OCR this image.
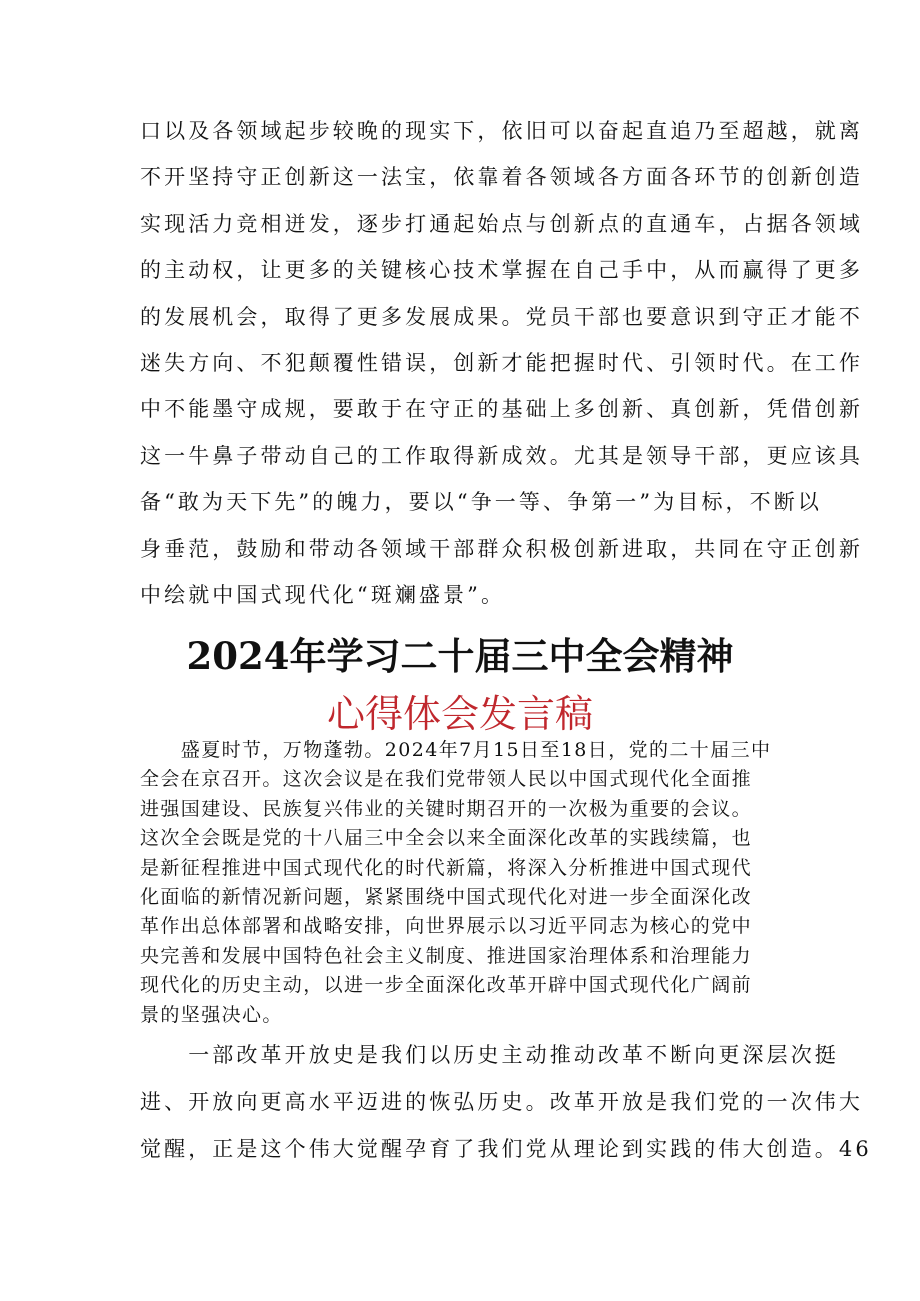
口以及各领域起步较晚的现实下，依旧可以奋起直追乃至超越，就离
不开坚持守正创新这一法宝，依靠着各领域各方面各环节的创新创造
实现活力竞相迸发，逐步打通起始点与创新点的直通车，占据各领域
的主动权，让更多的关键核心技术掌握在自己手中，从而赢得了更多
的发展机会，取得了更多发展成果。党员干部也要意识到守正才能不
迷失方向、不犯颠覆性错误，创新才能把握时代、引领时代。在工作
中不能墨守成规，要敢于在守正的基础上多创新、真创新，凭借创新
这一牛鼻子带动自己的工作取得新成效。尤其是领导干部，更应该具
备“敢为天下先”的魄力，要以“争一等、争第一”为目标，不断以
身垂范，鼓励和带动各领域干部群众积极创新进取，共同在守正创新
中绘就中国式现代化“斑斓盛景”。
2024年学习二十届三中全会精神
心得体会发言稿
　　盛夏时节，万物蓬勃。2024年7月15日至18日，党的二十届三中
全会在京召开。这次会议是在我们党带领人民以中国式现代化全面推
进强国建设、民族复兴伟业的关键时期召开的一次极为重要的会议。
这次全会既是党的十八届三中全会以来全面深化改革的实践续篇，也
是新征程推进中国式现代化的时代新篇，将深入分析推进中国式现代
化面临的新情况新问题，紧紧围绕中国式现代化对进一步全面深化改
革作出总体部署和战略安排，向世界展示以习近平同志为核心的党中
央完善和发展中国特色社会主义制度、推进国家治理体系和治理能力
现代化的历史主动，以进一步全面深化改革开辟中国式现代化广阔前
景的坚强决心。
　　一部改革开放史是我们以历史主动推动改革不断向更深层次挺
进、开放向更高水平迈进的恢弘历史。改革开放是我们党的一次伟大
觉醒，正是这个伟大觉醒孕育了我们党从理论到实践的伟大创造。46
